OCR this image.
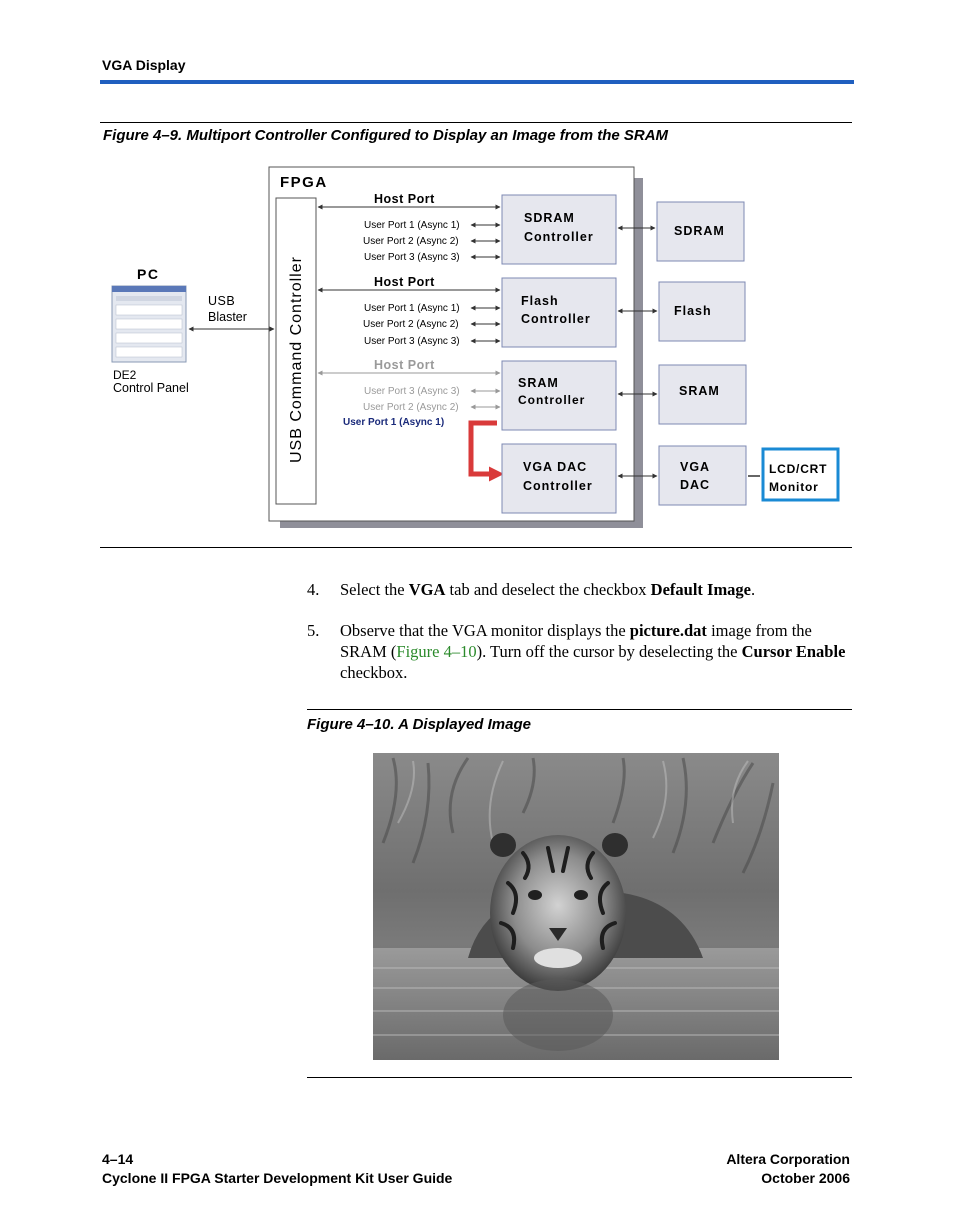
VGA Display
Figure 4–9. Multiport Controller Configured to Display an Image from the SRAM
FPGA
USB Command Controller
PC
DE2
Control Panel
USB
Blaster
Host Port
User Port 1 (Async 1)
User Port 2 (Async 2)
User Port 3 (Async 3)
SDRAM
Controller	SDRAM
Host Port
User Port 1 (Async 1)
User Port 2 (Async 2)
User Port 3 (Async 3)
Flash
Controller
Flash
Host Port
User Port 3 (Async 3)
User Port 2 (Async 2)
User Port 1 (Async 1)
SRAM
Controller
SRAM
VGA DAC
Controller
VGA
DAC
LCD/CRT
Monitor
4. Select the VGA tab and deselect the checkbox Default Image.
5. Observe that the VGA monitor displays the picture.dat image from the SRAM (Figure 4–10). Turn off the cursor by deselecting the Cursor Enable checkbox.
Figure 4–10. A Displayed Image
4–14
Cyclone II FPGA Starter Development Kit User Guide
Altera Corporation
October 2006
